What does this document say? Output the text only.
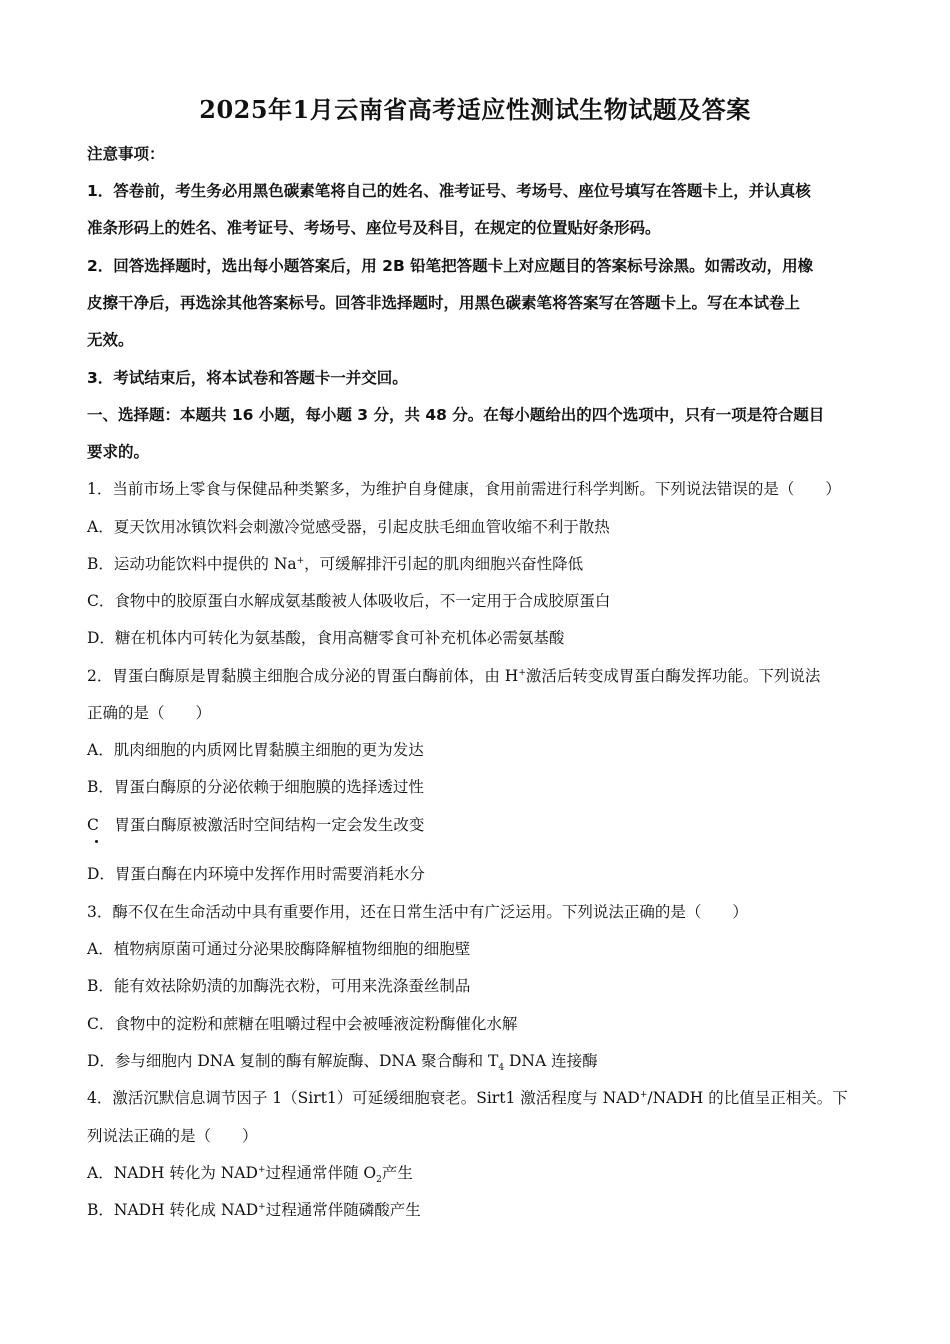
2025年1月云南省高考适应性测试生物试题及答案
注意事项：
1．答卷前，考生务必用黑色碳素笔将自己的姓名、准考证号、考场号、座位号填写在答题卡上，并认真核
准条形码上的姓名、准考证号、考场号、座位号及科目，在规定的位置贴好条形码。
2．回答选择题时，选出每小题答案后，用 2B 铅笔把答题卡上对应题目的答案标号涂黑。如需改动，用橡
皮擦干净后，再选涂其他答案标号。回答非选择题时，用黑色碳素笔将答案写在答题卡上。写在本试卷上
无效。
3．考试结束后，将本试卷和答题卡一并交回。
一、选择题：本题共 16 小题，每小题 3 分，共 48 分。在每小题给出的四个选项中，只有一项是符合题目
要求的。
1．当前市场上零食与保健品种类繁多，为维护自身健康，食用前需进行科学判断。下列说法错误的是（　　）
A．夏天饮用冰镇饮料会刺激冷觉感受器，引起皮肤毛细血管收缩不利于散热
B．运动功能饮料中提供的 Na+，可缓解排汗引起的肌肉细胞兴奋性降低
C．食物中的胶原蛋白水解成氨基酸被人体吸收后，不一定用于合成胶原蛋白
D．糖在机体内可转化为氨基酸，食用高糖零食可补充机体必需氨基酸
2．胃蛋白酶原是胃黏膜主细胞合成分泌的胃蛋白酶前体，由 H+激活后转变成胃蛋白酶发挥功能。下列说法
正确的是（　　）
A．肌肉细胞的内质网比胃黏膜主细胞的更为发达
B．胃蛋白酶原的分泌依赖于细胞膜的选择透过性
C　胃蛋白酶原被激活时空间结构一定会发生改变
D．胃蛋白酶在内环境中发挥作用时需要消耗水分
3．酶不仅在生命活动中具有重要作用，还在日常生活中有广泛运用。下列说法正确的是（　　）
A．植物病原菌可通过分泌果胶酶降解植物细胞的细胞壁
B．能有效祛除奶渍的加酶洗衣粉，可用来洗涤蚕丝制品
C．食物中的淀粉和蔗糖在咀嚼过程中会被唾液淀粉酶催化水解
D．参与细胞内 DNA 复制的酶有解旋酶、DNA 聚合酶和 $T_4$ DNA 连接酶
4．激活沉默信息调节因子 1（Sirt1）可延缓细胞衰老。Sirt1 激活程度与 NAD+/NADH 的比值呈正相关。下
列说法正确的是（　　）
A．NADH 转化为 NAD+过程通常伴随 $O_2$产生
B．NADH 转化成 NAD+过程通常伴随磷酸产生
